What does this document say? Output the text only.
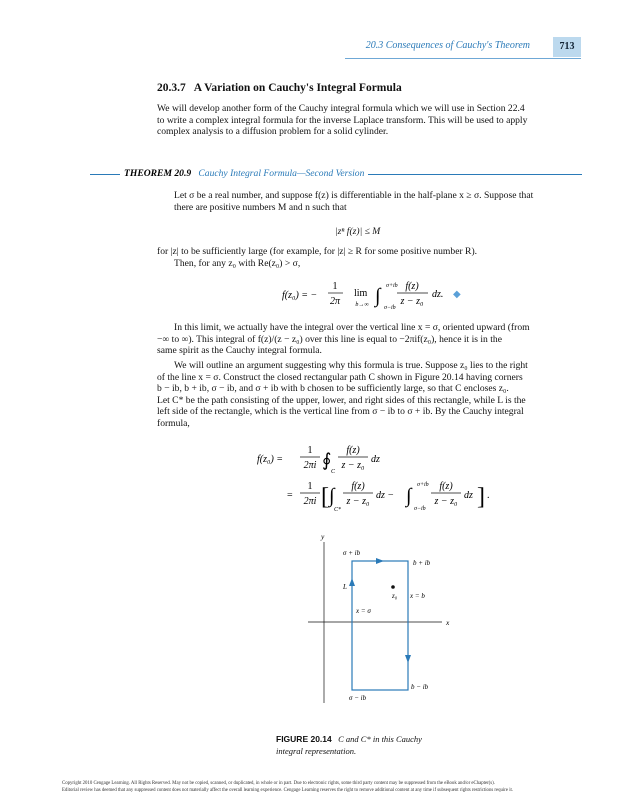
20.3 Consequences of Cauchy's Theorem	713
20.3.7 A Variation on Cauchy's Integral Formula
We will develop another form of the Cauchy integral formula which we will use in Section 22.4
to write a complex integral formula for the inverse Laplace transform. This will be used to apply
complex analysis to a diffusion problem for a solid cylinder.
THEOREM 20.9 Cauchy Integral Formula—Second Version
Let σ be a real number, and suppose f(z) is differentiable in the half-plane x ≥ σ. Suppose that
there are positive numbers M and n such that
|zⁿ f(z)| ≤ M
for |z| to be sufficiently large (for example, for |z| ≥ R for some positive number R).
Then, for any z₀ with Re(z₀) > σ,
f(z₀) = −
1
2π
lim
b→∞ ∫ σ+ib
σ−ib
f(z)
z − z₀
dz. ◆
In this limit, we actually have the integral over the vertical line x = σ, oriented upward (from
−∞ to ∞). This integral of f(z)/(z − z₀) over this line is equal to −2πif(z₀), hence it is in the
same spirit as the Cauchy integral formula.
We will outline an argument suggesting why this formula is true. Suppose z₀ lies to the right
of the line x = σ. Construct the closed rectangular path C shown in Figure 20.14 having corners
b − ib, b + ib, σ − ib, and σ + ib with b chosen to be sufficiently large, so that C encloses z₀.
Let C* be the path consisting of the upper, lower, and right sides of this rectangle, while L is the
left side of the rectangle, which is the vertical line from σ − ib to σ + ib. By the Cauchy integral
formula,
f(z₀) =
1
2πi ∮
C
f(z)
z − z₀
dz
=
1
2πi [ ∫
C*
f(z)
z − z₀
dz − ∫ σ+ib
σ−ib
f(z)
z − z₀
dz ] .
y
x
σ + ib
b + ib
L
z₀ x = b
x = σ
b − ib
σ − ib
FIGURE 20.14 C and C* in this Cauchy
integral representation.
Copyright 2010 Cengage Learning. All Rights Reserved. May not be copied, scanned, or duplicated, in whole or in part. Due to electronic rights, some third party content may be suppressed from the eBook and/or eChapter(s).
Editorial review has deemed that any suppressed content does not materially affect the overall learning experience. Cengage Learning reserves the right to remove additional content at any time if subsequent rights restrictions require it.
